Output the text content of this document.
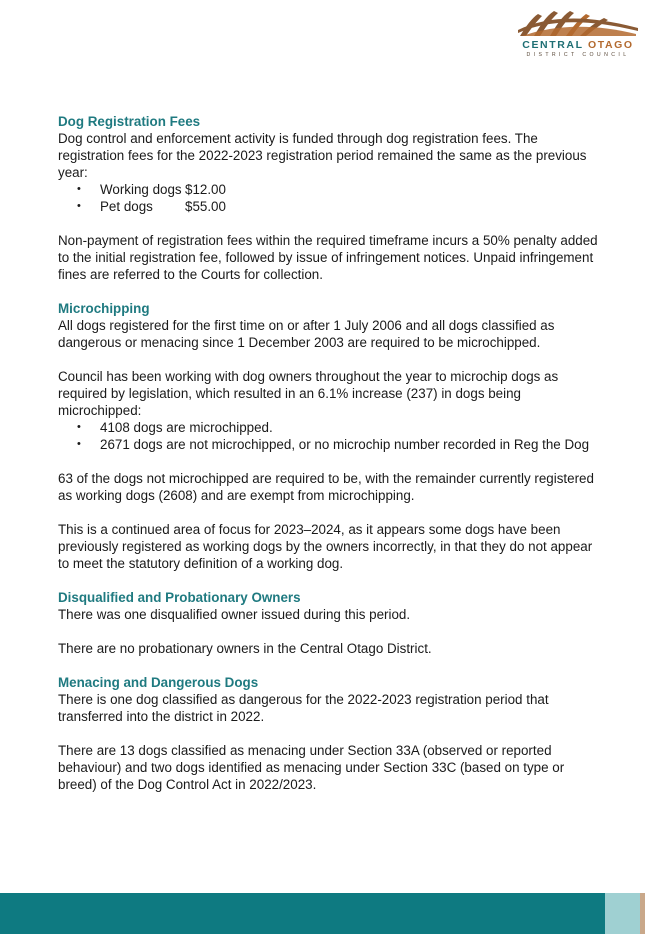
CENTRAL OTAGO
DISTRICT COUNCIL
Dog Registration Fees

Dog control and enforcement activity is funded through dog registration fees. The registration fees for the 2022-2023 registration period remained the same as the previous year:

• Working dogs $12.00
• Pet dogs $55.00

Non-payment of registration fees within the required timeframe incurs a 50% penalty added to the initial registration fee, followed by issue of infringement notices. Unpaid infringement fines are referred to the Courts for collection.

Microchipping

All dogs registered for the first time on or after 1 July 2006 and all dogs classified as dangerous or menacing since 1 December 2003 are required to be microchipped.

Council has been working with dog owners throughout the year to microchip dogs as required by legislation, which resulted in an 6.1% increase (237) in dogs being microchipped:

• 4108 dogs are microchipped.
• 2671 dogs are not microchipped, or no microchip number recorded in Reg the Dog

63 of the dogs not microchipped are required to be, with the remainder currently registered as working dogs (2608) and are exempt from microchipping.

This is a continued area of focus for 2023–2024, as it appears some dogs have been previously registered as working dogs by the owners incorrectly, in that they do not appear to meet the statutory definition of a working dog.

Disqualified and Probationary Owners

There was one disqualified owner issued during this period.

There are no probationary owners in the Central Otago District.

Menacing and Dangerous Dogs

There is one dog classified as dangerous for the 2022-2023 registration period that transferred into the district in 2022.

There are 13 dogs classified as menacing under Section 33A (observed or reported behaviour) and two dogs identified as menacing under Section 33C (based on type or breed) of the Dog Control Act in 2022/2023.
